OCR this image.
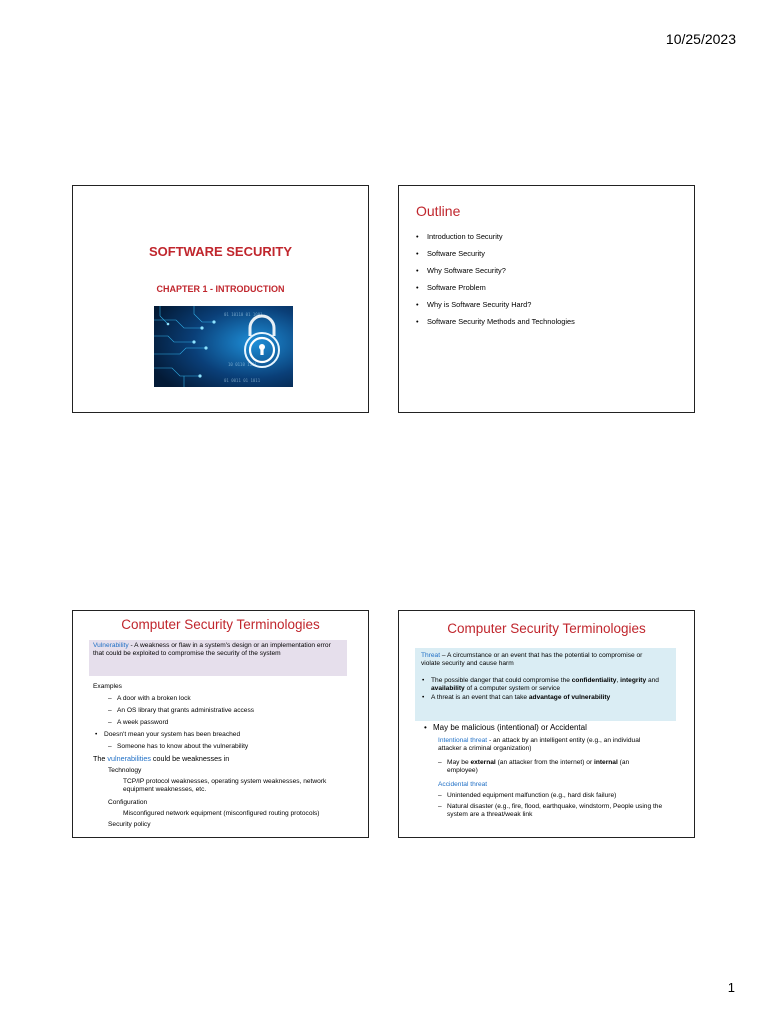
10/25/2023
SOFTWARE SECURITY
CHAPTER 1 - INTRODUCTION
01 10110 01 1001
10 0110 1101
01 0011 01 1011
Outline
• Introduction to Security
• Software Security
• Why Software Security?
• Software Problem
• Why is Software Security Hard?
• Software Security Methods and Technologies
Computer Security Terminologies
Vulnerability - A weakness or flaw in a system's design or an implementation error that could be exploited to compromise the security of the system
Examples
– A door with a broken lock
– An OS library that grants administrative access
– A week password
• Doesn't mean your system has been breached
– Someone has to know about the vulnerability
The vulnerabilities could be weaknesses in
Technology
TCP/IP protocol weaknesses, operating system weaknesses, network equipment weaknesses, etc.
Configuration
Misconfigured network equipment (misconfigured routing protocols)
Security policy
Computer Security Terminologies
Threat – A circumstance or an event that has the potential to compromise or violate security and cause harm
• The possible danger that could compromise the confidentiality, integrity and availability of a computer system or service
• A threat is an event that can take advantage of vulnerability
• May be malicious (intentional) or Accidental
Intentional threat - an attack by an intelligent entity (e.g., an individual attacker a criminal organization)
– May be external (an attacker from the internet) or internal (an employee)
Accidental threat
– Unintended equipment malfunction (e.g., hard disk failure)
– Natural disaster (e.g., fire, flood, earthquake, windstorm, People using the system are a threat/weak link
1
